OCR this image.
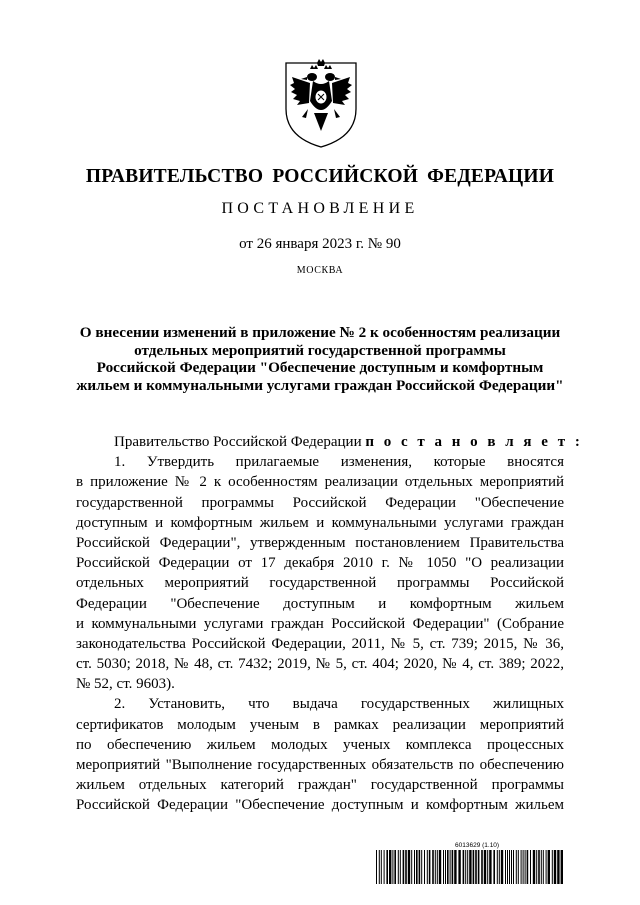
ПРАВИТЕЛЬСТВО РОССИЙСКОЙ ФЕДЕРАЦИИ
ПОСТАНОВЛЕНИЕ
от 26 января 2023 г. № 90
МОСКВА
О внесении изменений в приложение № 2 к особенностям реализации
отдельных мероприятий государственной программы
Российской Федерации "Обеспечение доступным и комфортным
жильем и коммунальными услугами граждан Российской Федерации"
Правительство Российской Федерации п о с т а н о в л я е т :
1. Утвердить прилагаемые изменения, которые вносятся
в приложение № 2 к особенностям реализации отдельных мероприятий
государственной программы Российской Федерации "Обеспечение
доступным и комфортным жильем и коммунальными услугами граждан
Российской Федерации", утвержденным постановлением Правительства
Российской Федерации от 17 декабря 2010 г. № 1050 "О реализации
отдельных мероприятий государственной программы Российской
Федерации "Обеспечение доступным и комфортным жильем
и коммунальными услугами граждан Российской Федерации" (Собрание
законодательства Российской Федерации, 2011, № 5, ст. 739; 2015, № 36,
ст. 5030; 2018, № 48, ст. 7432; 2019, № 5, ст. 404; 2020, № 4, ст. 389; 2022,
№ 52, ст. 9603).
2. Установить, что выдача государственных жилищных
сертификатов молодым ученым в рамках реализации мероприятий
по обеспечению жильем молодых ученых комплекса процессных
мероприятий "Выполнение государственных обязательств по обеспечению
жильем отдельных категорий граждан" государственной программы
Российской Федерации "Обеспечение доступным и комфортным жильем
6013629 (1.10)
